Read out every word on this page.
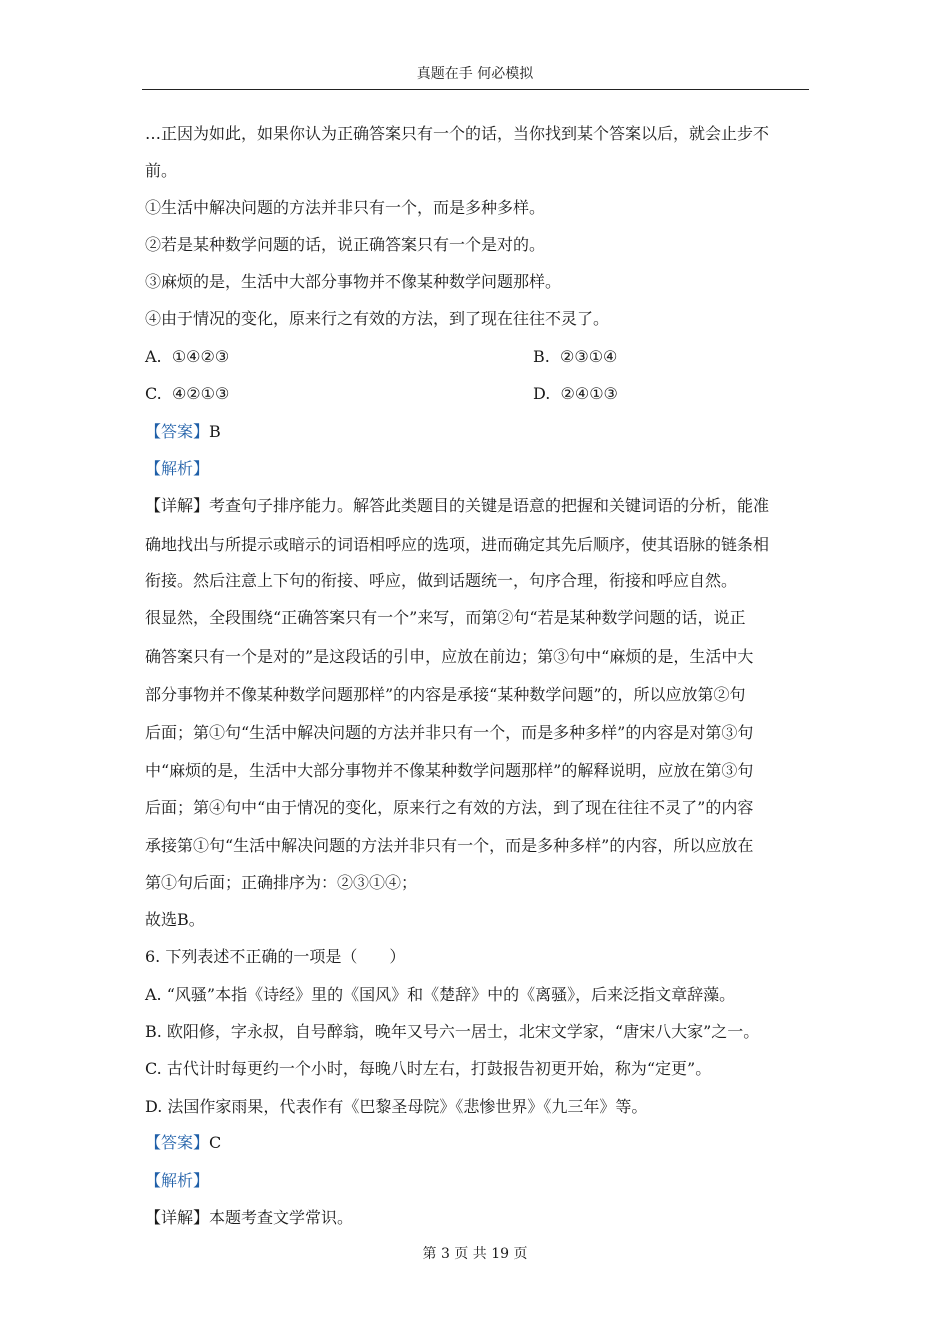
真题在手 何必模拟
…正因为如此，如果你认为正确答案只有一个的话，当你找到某个答案以后，就会止步不
前。
①生活中解决问题的方法并非只有一个，而是多种多样。
②若是某种数学问题的话，说正确答案只有一个是对的。
③麻烦的是，生活中大部分事物并不像某种数学问题那样。
④由于情况的变化，原来行之有效的方法，到了现在往往不灵了。
A. ①④②③	B. ②③①④
C. ④②①③	D. ②④①③
【答案】B
【解析】
【详解】考查句子排序能力。解答此类题目的关键是语意的把握和关键词语的分析，能准
确地找出与所提示或暗示的词语相呼应的选项，进而确定其先后顺序，使其语脉的链条相
衔接。然后注意上下句的衔接、呼应，做到话题统一，句序合理，衔接和呼应自然。
很显然，全段围绕“正确答案只有一个”来写，而第②句“若是某种数学问题的话，说正
确答案只有一个是对的”是这段话的引申，应放在前边；第③句中“麻烦的是，生活中大
部分事物并不像某种数学问题那样”的内容是承接“某种数学问题”的，所以应放第②句
后面；第①句“生活中解决问题的方法并非只有一个，而是多种多样”的内容是对第③句
中“麻烦的是，生活中大部分事物并不像某种数学问题那样”的解释说明，应放在第③句
后面；第④句中“由于情况的变化，原来行之有效的方法，到了现在往往不灵了”的内容
承接第①句“生活中解决问题的方法并非只有一个，而是多种多样”的内容，所以应放在
第①句后面；正确排序为：②③①④；
故选B。
6. 下列表述不正确的一项是（　　）
A. “风骚”本指《诗经》里的《国风》和《楚辞》中的《离骚》，后来泛指文章辞藻。
B. 欧阳修，字永叔，自号醉翁，晚年又号六一居士，北宋文学家，“唐宋八大家”之一。
C. 古代计时每更约一个小时，每晚八时左右，打鼓报告初更开始，称为“定更”。
D. 法国作家雨果，代表作有《巴黎圣母院》《悲惨世界》《九三年》等。
【答案】C
【解析】
【详解】本题考查文学常识。
第 3 页 共 19 页
